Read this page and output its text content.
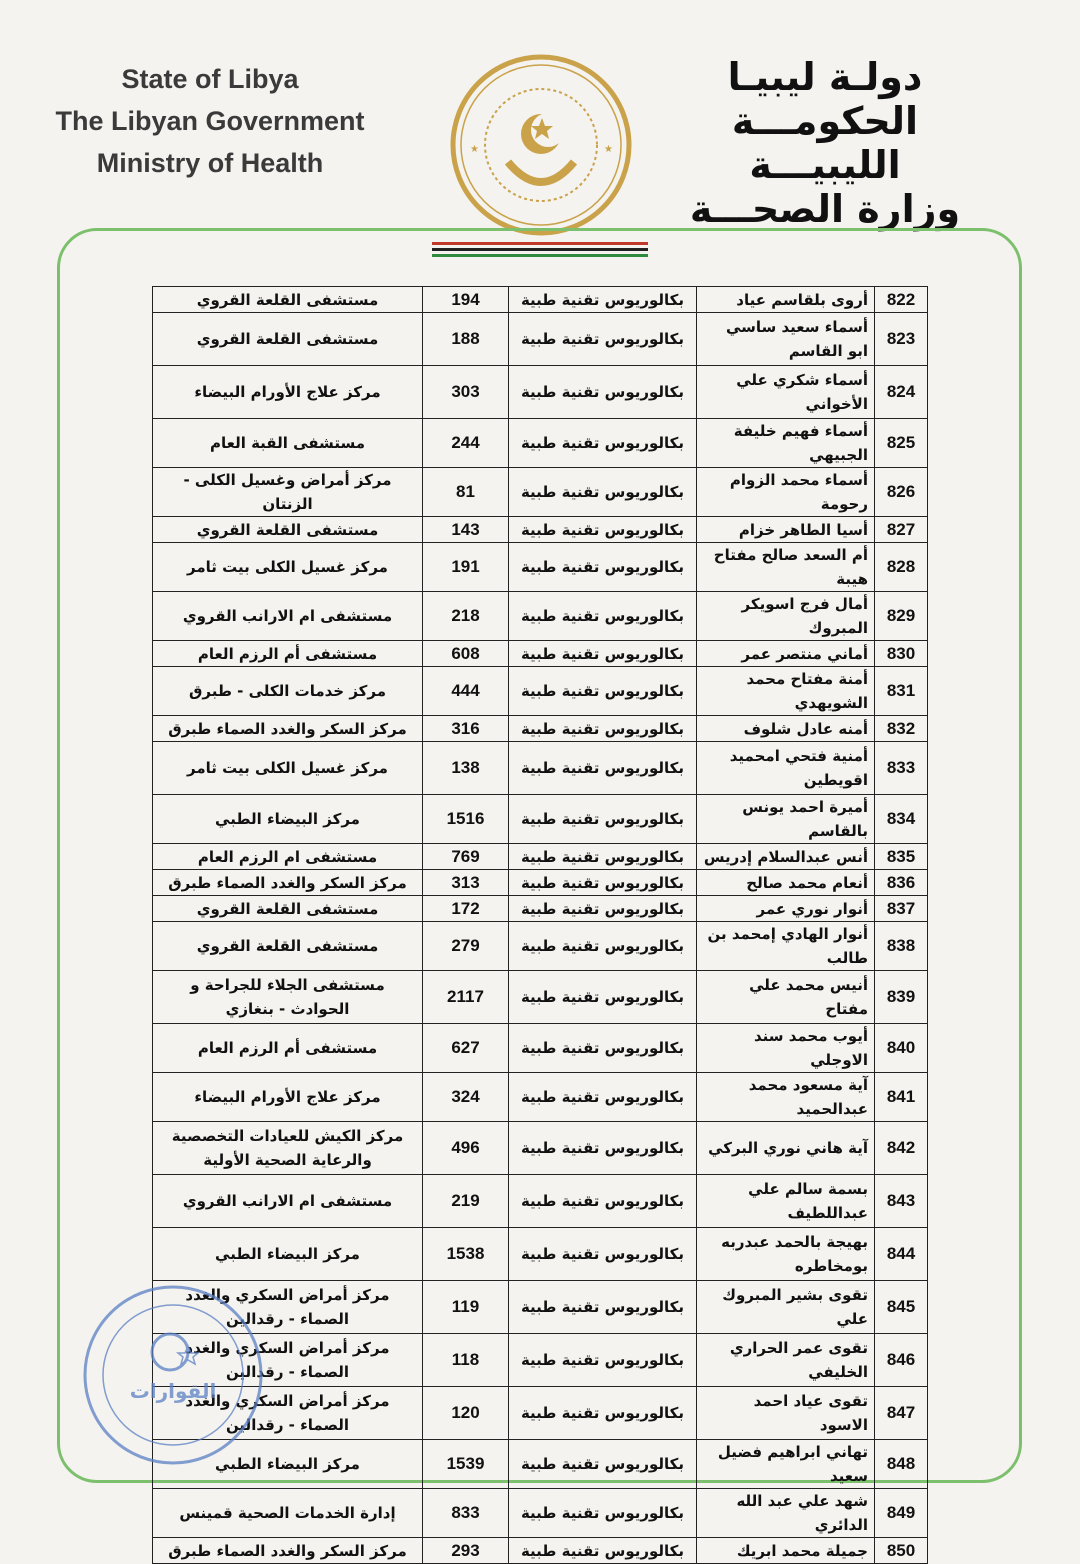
State of Libya
The Libyan Government
Ministry of Health
دولـة ليبيـا
الحكومـــة الليبيـــة
وزارة الصحـــة
★	★
822	أروى بلقاسم عياد	بكالوريوس تقنية طبية	194	مستشفى القلعة القروي
823	أسماء سعيد ساسي ابو القاسم	بكالوريوس تقنية طبية	188	مستشفى القلعة القروي
824	أسماء شكري علي الأخواني	بكالوريوس تقنية طبية	303	مركز علاج الأورام البيضاء
825	أسماء فهيم خليفة الجبيهي	بكالوريوس تقنية طبية	244	مستشفى القبة العام
826	أسماء محمد الزوام رحومة	بكالوريوس تقنية طبية	81	مركز أمراض وغسيل الكلى - الزنتان
827	أسيا الطاهر خزام	بكالوريوس تقنية طبية	143	مستشفى القلعة القروي
828	أم السعد صالح مفتاح هيبة	بكالوريوس تقنية طبية	191	مركز غسيل الكلى بيت ثامر
829	أمال فرج اسويكر المبروك	بكالوريوس تقنية طبية	218	مستشفى ام الارانب القروي
830	أماني منتصر عمر	بكالوريوس تقنية طبية	608	مستشفى أم الرزم العام
831	أمنة مفتاح محمد الشويهدي	بكالوريوس تقنية طبية	444	مركز خدمات الكلى - طبرق
832	أمنه عادل شلوف	بكالوريوس تقنية طبية	316	مركز السكر والغدد الصماء طبرق
833	أمنية فتحي امحميد اقويطين	بكالوريوس تقنية طبية	138	مركز غسيل الكلى بيت ثامر
834	أميرة احمد يونس بالقاسم	بكالوريوس تقنية طبية	1516	مركز البيضاء الطبي
835	أنس عبدالسلام إدريس	بكالوريوس تقنية طبية	769	مستشفى ام الرزم العام
836	أنعام محمد صالح	بكالوريوس تقنية طبية	313	مركز السكر والغدد الصماء طبرق
837	أنوار نوري عمر	بكالوريوس تقنية طبية	172	مستشفى القلعة القروي
838	أنوار الهادي إمحمد بن طالب	بكالوريوس تقنية طبية	279	مستشفى القلعة القروي
839	أنيس محمد علي مفتاح	بكالوريوس تقنية طبية	2117	مستشفى الجلاء للجراحة و الحوادث - بنغازي
840	أيوب محمد سند الاوجلي	بكالوريوس تقنية طبية	627	مستشفى أم الرزم العام
841	آية مسعود محمد عبدالحميد	بكالوريوس تقنية طبية	324	مركز علاج الأورام البيضاء
842	آية هاني نوري البركي	بكالوريوس تقنية طبية	496	مركز الكيش للعيادات التخصصية والرعاية الصحية الأولية
843	بسمة سالم علي عبداللطيف	بكالوريوس تقنية طبية	219	مستشفى ام الارانب القروي
844	بهيجة بالحمد عبدربه بومخاطره	بكالوريوس تقنية طبية	1538	مركز البيضاء الطبي
845	تقوى بشير المبروك علي	بكالوريوس تقنية طبية	119	مركز أمراض السكري والغدد الصماء - رقدالين
846	تقوى عمر الحراري الخليفي	بكالوريوس تقنية طبية	118	مركز أمراض السكري والغدد الصماء - رقدالين
847	تقوى عياد احمد الاسود	بكالوريوس تقنية طبية	120	مركز أمراض السكري والغدد الصماء - رقدالين
848	تهاني ابراهيم فضيل سعيد	بكالوريوس تقنية طبية	1539	مركز البيضاء الطبي
849	شهد علي عبد الله الدائري	بكالوريوس تقنية طبية	833	إدارة الخدمات الصحية قمينس
850	جميلة محمد ابريك	بكالوريوس تقنية طبية	293	مركز السكر والغدد الصماء طبرق
القوارات
